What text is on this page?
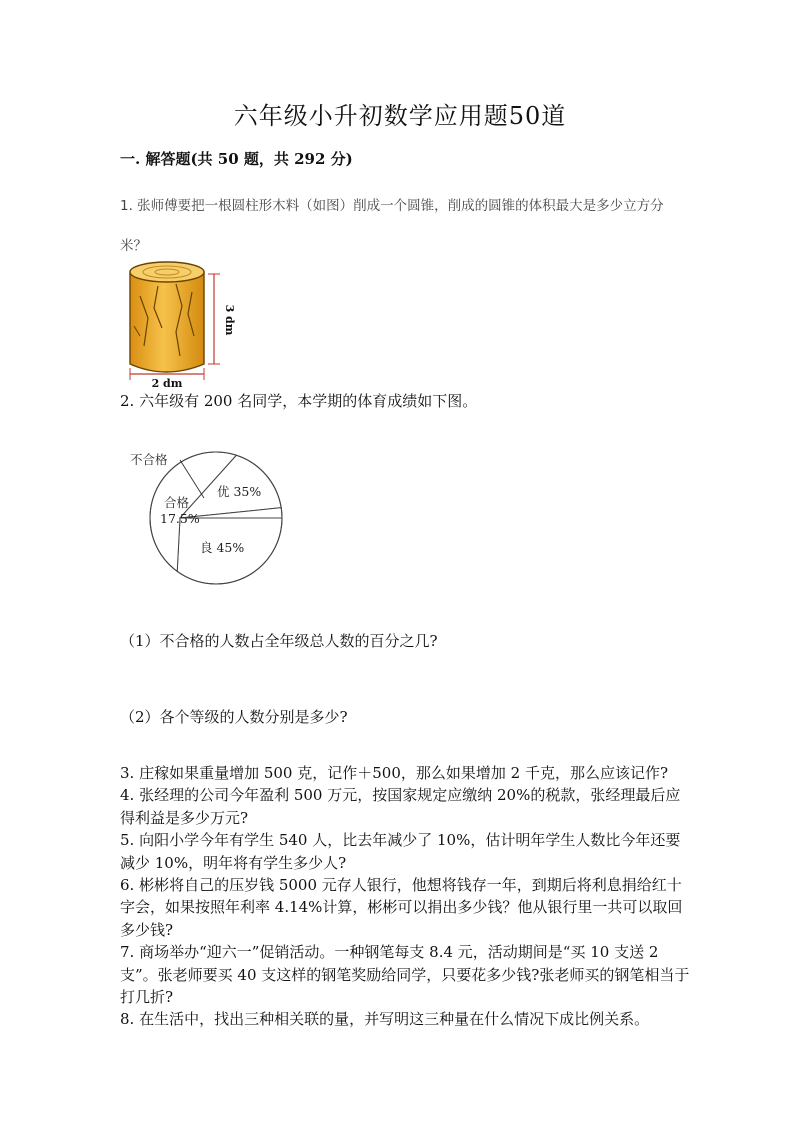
六年级小升初数学应用题50道
一. 解答题(共 50 题，共 292 分)
1. 张师傅要把一根圆柱形木料（如图）削成一个圆锥，削成的圆锥的体积最大是多少立方分米？
3 dm
2 dm
2. 六年级有 200 名同学，本学期的体育成绩如下图。
不合格
合格
17.5%
优 35%
良 45%
（1）不合格的人数占全年级总人数的百分之几?
（2）各个等级的人数分别是多少?

3. 庄稼如果重量增加 500 克，记作＋500，那么如果增加 2 千克，那么应该记作?

4. 张经理的公司今年盈利 500 万元，按国家规定应缴纳 20%的税款，张经理最后应得利益是多少万元?

5. 向阳小学今年有学生 540 人，比去年减少了 10%，估计明年学生人数比今年还要减少 10%，明年将有学生多少人?

6. 彬彬将自己的压岁钱 5000 元存人银行，他想将钱存一年，到期后将利息捐给红十字会，如果按照年利率 4.14%计算，彬彬可以捐出多少钱？他从银行里一共可以取回多少钱?

7. 商场举办“迎六一”促销活动。一种钢笔每支 8.4 元，活动期间是“买 10 支送 2 支”。张老师要买 40 支这样的钢笔奖励给同学，只要花多少钱?张老师买的钢笔相当于打几折?

8. 在生活中，找出三种相关联的量，并写明这三种量在什么情况下成比例关系。
